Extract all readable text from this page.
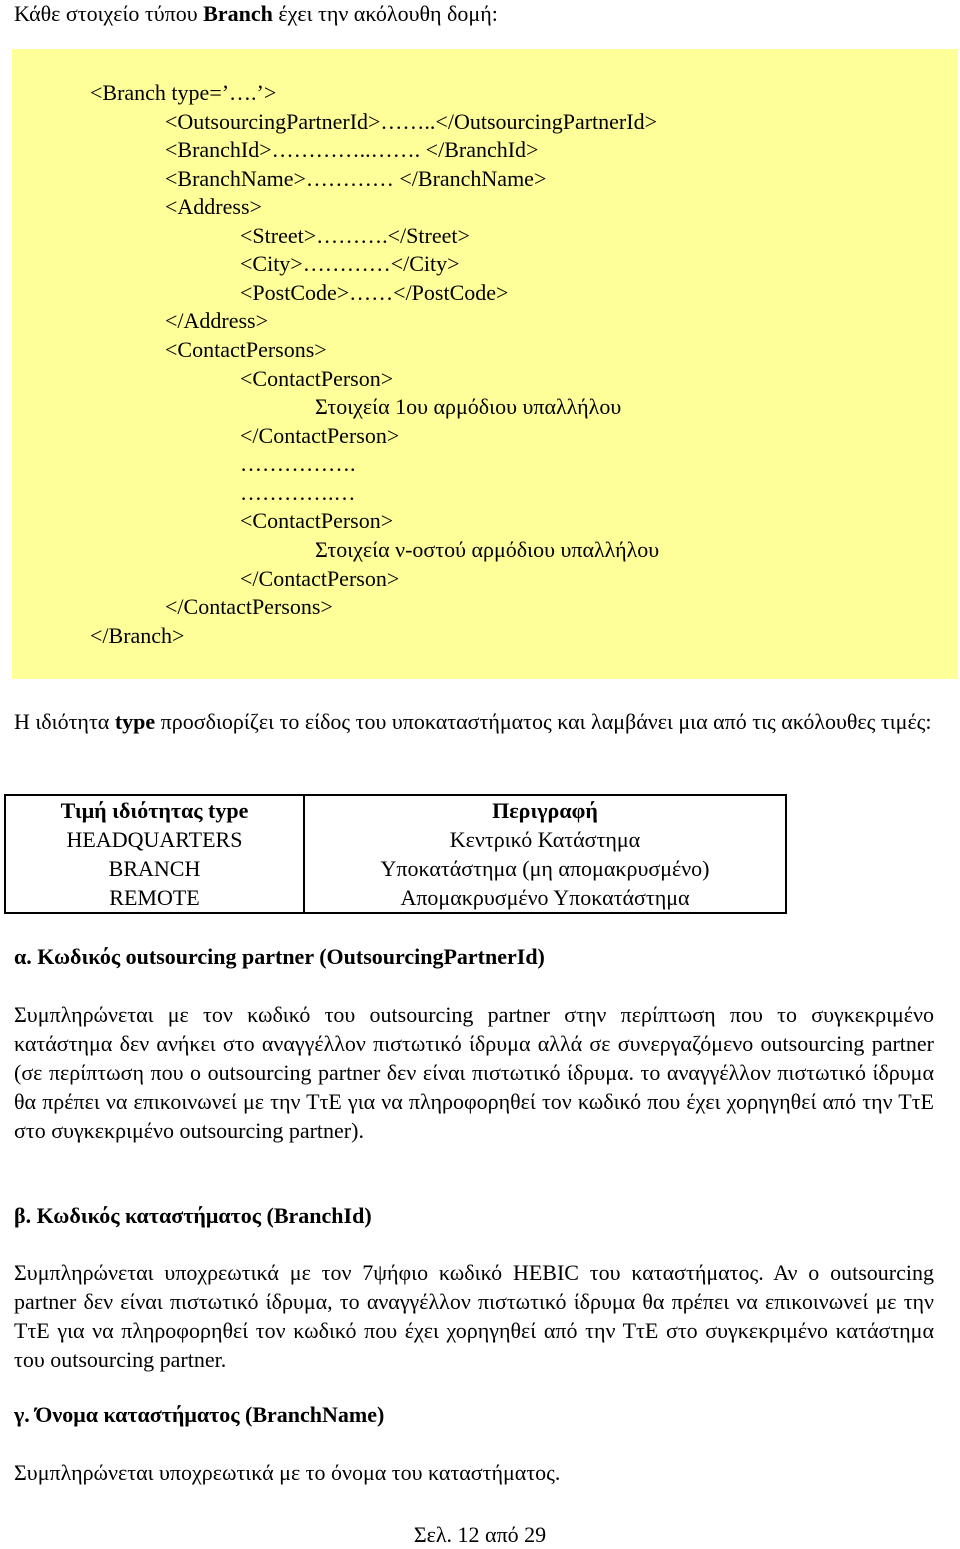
Κάθε στοιχείο τύπου Branch έχει την ακόλουθη δομή:
<Branch type=’….’>
<OutsourcingPartnerId>……..</OutsourcingPartnerId>
<BranchId>…………..……. </BranchId>
<BranchName>………… </BranchName>
<Address>
<Street>……….</Street>
<City>…………</City>
<PostCode>……</PostCode>
</Address>
<ContactPersons>
<ContactPerson>
Στοιχεία 1ου αρμόδιου υπαλλήλου
</ContactPerson>
…………….
………….…
<ContactPerson>
Στοιχεία ν-οστού αρμόδιου υπαλλήλου
</ContactPerson>
</ContactPersons>
</Branch>
Η ιδιότητα type προσδιορίζει το είδος του υποκαταστήματος και λαμβάνει μια από τις ακόλουθες τιμές:
Τιμή ιδιότητας type	Περιγραφή
HEADQUARTERS	Κεντρικό Κατάστημα
BRANCH	Υποκατάστημα (μη απομακρυσμένο)
REMOTE	Απομακρυσμένο Υποκατάστημα
α. Κωδικός outsourcing partner (OutsourcingPartnerId)

Συμπληρώνεται με τον κωδικό του outsourcing partner στην περίπτωση που το συγκεκριμένο κατάστημα δεν ανήκει στο αναγγέλλον πιστωτικό ίδρυμα αλλά σε συνεργαζόμενο outsourcing partner (σε περίπτωση που ο outsourcing partner δεν είναι πιστωτικό ίδρυμα. το αναγγέλλον πιστωτικό ίδρυμα θα πρέπει να επικοινωνεί με την ΤτΕ για να πληροφορηθεί τον κωδικό που έχει χορηγηθεί από την ΤτΕ στο συγκεκριμένο outsourcing partner).

β. Κωδικός καταστήματος (BranchId)

Συμπληρώνεται υποχρεωτικά με τον 7ψήφιο κωδικό HEBIC του καταστήματος. Αν ο outsourcing partner δεν είναι πιστωτικό ίδρυμα, το αναγγέλλον πιστωτικό ίδρυμα θα πρέπει να επικοινωνεί με την ΤτΕ για να πληροφορηθεί τον κωδικό που έχει χορηγηθεί από την ΤτΕ στο συγκεκριμένο κατάστημα του outsourcing partner.

γ. Όνομα καταστήματος (BranchName)

Συμπληρώνεται υποχρεωτικά με το όνομα του καταστήματος.

Σελ. 12 από 29
